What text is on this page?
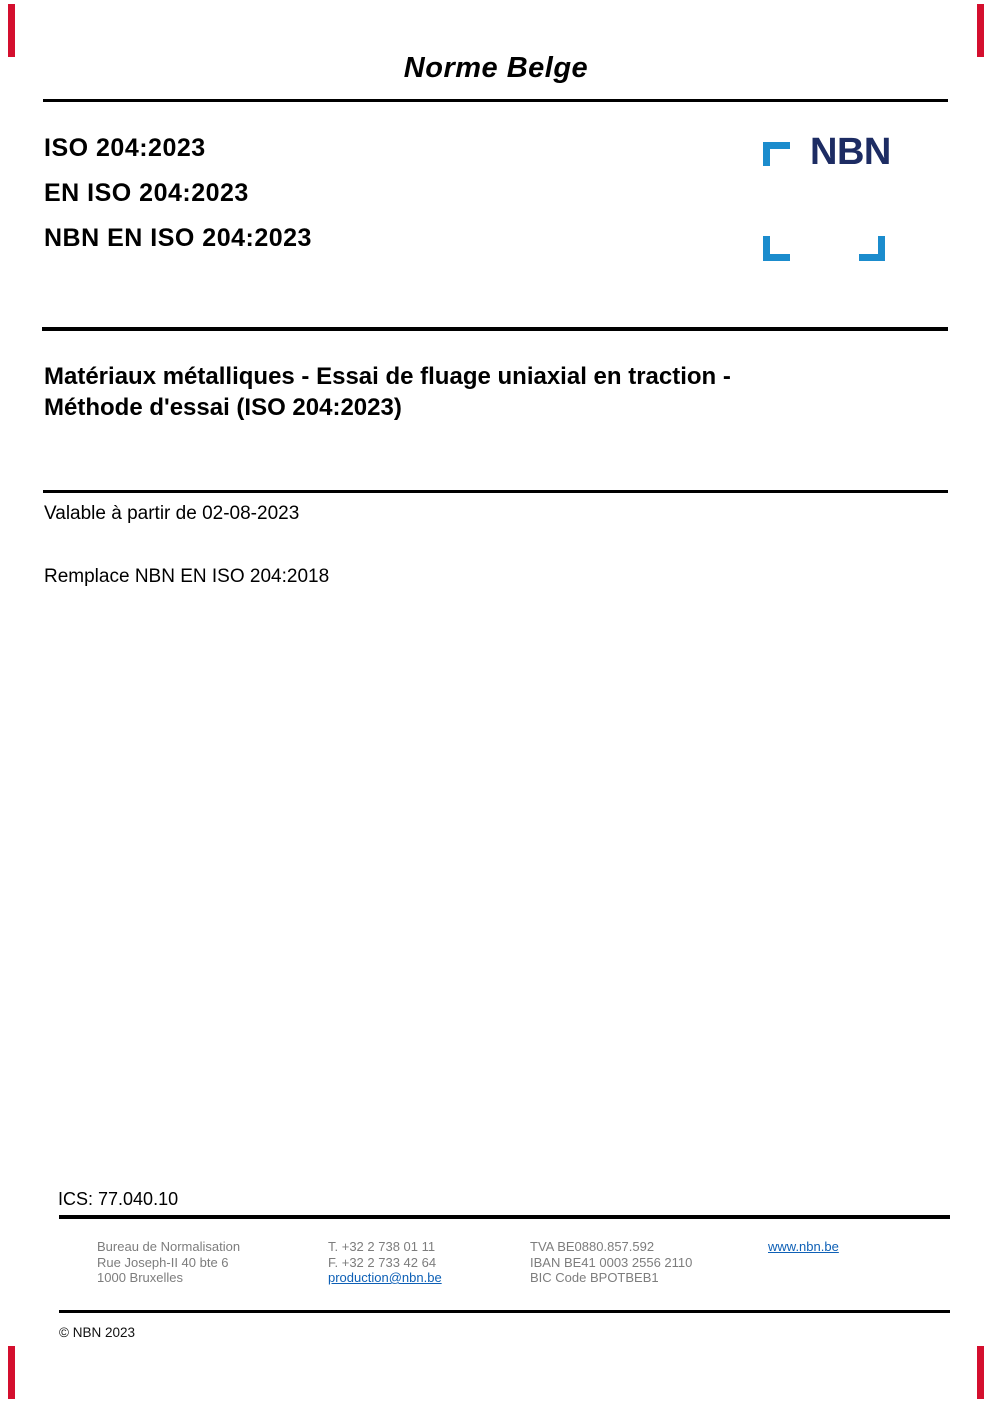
Norme Belge
ISO 204:2023
EN ISO 204:2023
NBN EN ISO 204:2023
NBN
Matériaux métalliques - Essai de fluage uniaxial en traction -
Méthode d'essai (ISO 204:2023)
Valable à partir de 02-08-2023
Remplace NBN EN ISO 204:2018
ICS: 77.040.10
Bureau de Normalisation
Rue Joseph-II 40 bte 6
1000 Bruxelles
T. +32 2 738 01 11
F. +32 2 733 42 64
production@nbn.be
TVA BE0880.857.592
IBAN BE41 0003 2556 2110
BIC Code BPOTBEB1
www.nbn.be
© NBN 2023
